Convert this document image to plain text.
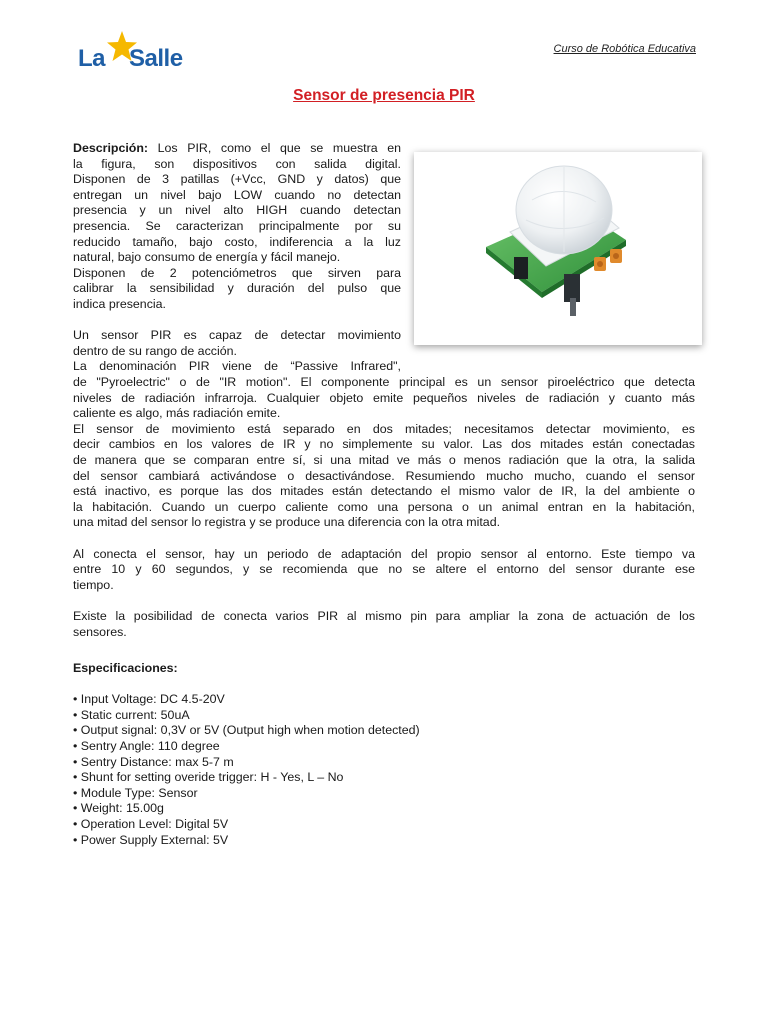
La Salle	Curso de Robótica Educativa
Sensor de presencia PIR

Descripción: Los PIR, como el que se muestra en

la figura, son dispositivos con salida digital.

Disponen de 3 patillas (+Vcc, GND y datos) que

entregan un nivel bajo LOW cuando no detectan

presencia y un nivel alto HIGH cuando detectan

presencia. Se caracterizan principalmente por su

reducido tamaño, bajo costo, indiferencia a la luz

natural, bajo consumo de energía y fácil manejo.

Disponen de 2 potenciómetros que sirven para

calibrar la sensibilidad y duración del pulso que

indica presencia.

Un sensor PIR es capaz de detectar movimiento

dentro de su rango de acción.

La denominación PIR viene de “Passive Infrared",

de "Pyroelectric" o de "IR motion". El componente principal es un sensor piroeléctrico que detecta

niveles de radiación infrarroja. Cualquier objeto emite pequeños niveles de radiación y cuanto más

caliente es algo, más radiación emite.

El sensor de movimiento está separado en dos mitades; necesitamos detectar movimiento, es

decir cambios en los valores de IR y no simplemente su valor. Las dos mitades están conectadas

de manera que se comparan entre sí, si una mitad ve más o menos radiación que la otra, la salida

del sensor cambiará activándose o desactivándose. Resumiendo mucho mucho, cuando el sensor

está inactivo, es porque las dos mitades están detectando el mismo valor de IR, la del ambiente o

la habitación. Cuando un cuerpo caliente como una persona o un animal entran en la habitación,

una mitad del sensor lo registra y se produce una diferencia con la otra mitad.

Al conecta el sensor, hay un periodo de adaptación del propio sensor al entorno. Este tiempo va

entre 10 y 60 segundos, y se recomienda que no se altere el entorno del sensor durante ese

tiempo.

Existe la posibilidad de conecta varios PIR al mismo pin para ampliar la zona de actuación de los

sensores.

Especificaciones:

• Input Voltage: DC 4.5-20V
• Static current: 50uA
• Output signal: 0,3V or 5V (Output high when motion detected)
• Sentry Angle: 110 degree
• Sentry Distance: max 5-7 m
• Shunt for setting overide trigger: H - Yes, L – No
• Module Type: Sensor
• Weight: 15.00g
• Operation Level: Digital 5V
• Power Supply External: 5V
